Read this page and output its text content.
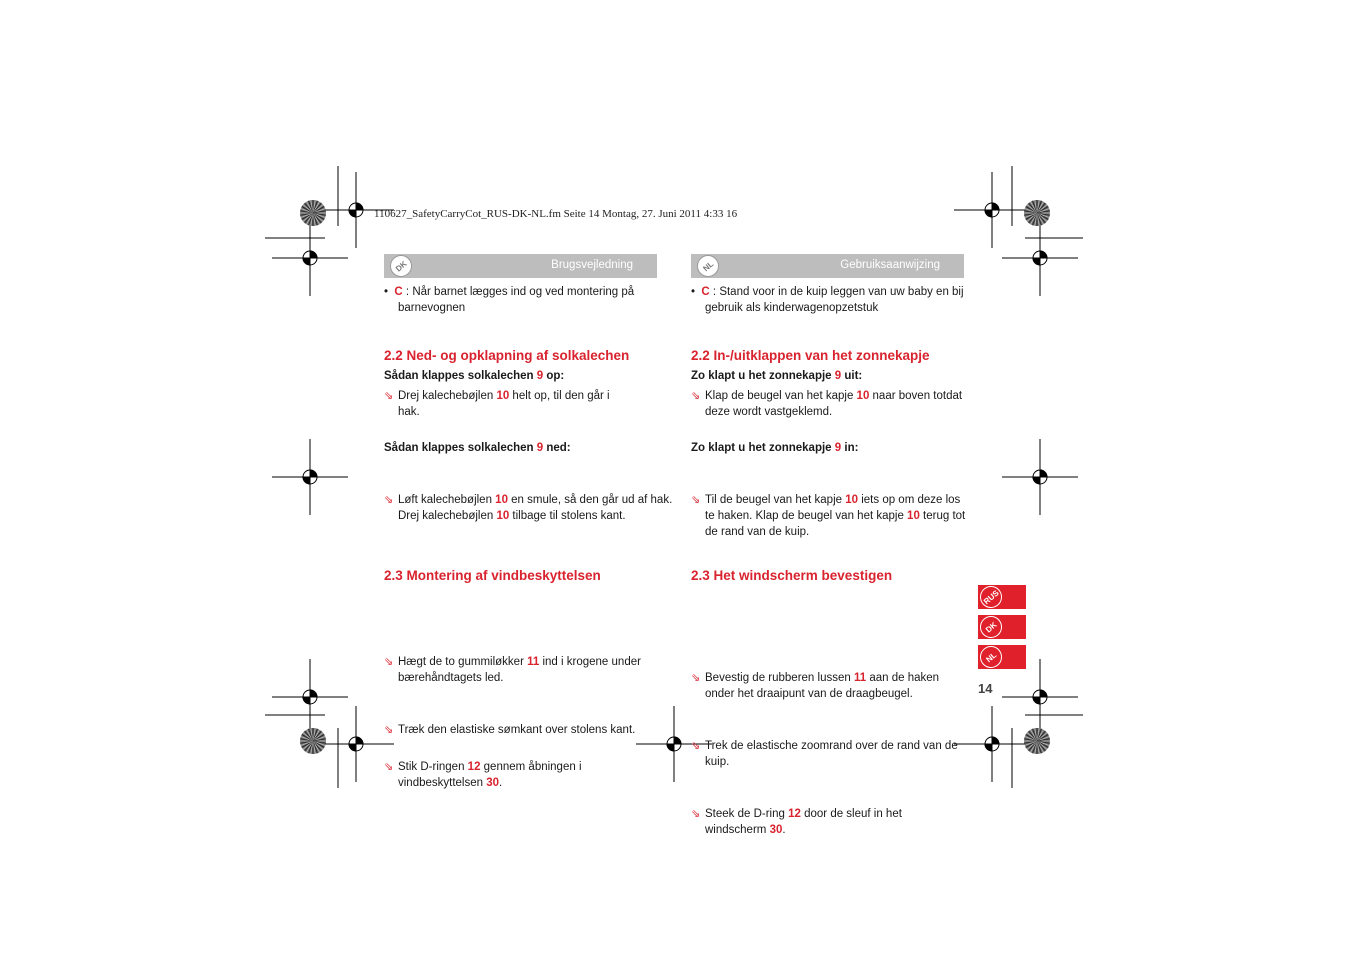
110627_SafetyCarryCot_RUS-DK-NL.fm Seite 14 Montag, 27. Juni 2011 4:33 16
DK	Brugsvejledning	NL	Gebruiksaanwijzing
•  C : Når barnet lægges ind og ved montering på barnevognen
2.2 Ned- og opklapning af solkalechen
Sådan klappes solkalechen 9 op:
⇘ Drej kalechebøjlen 10 helt op, til den går i hak.
Sådan klappes solkalechen 9 ned:
⇘ Løft kalechebøjlen 10 en smule, så den går ud af hak. Drej kalechebøjlen 10 tilbage til stolens kant.
2.3 Montering af vindbeskyttelsen
⇘ Hægt de to gummiløkker 11 ind i krogene under bærehåndtagets led.
⇘ Træk den elastiske sømkant over stolens kant.
⇘ Stik D-ringen 12 gennem åbningen i vindbeskyttelsen 30.
•  C : Stand voor in de kuip leggen van uw baby en bij gebruik als kinderwagenopzetstuk
2.2 In-/uitklappen van het zonnekapje
Zo klapt u het zonnekapje 9 uit:
⇘ Klap de beugel van het kapje 10 naar boven totdat deze wordt vastgeklemd.
Zo klapt u het zonnekapje 9 in:
⇘ Til de beugel van het kapje 10 iets op om deze los te haken. Klap de beugel van het kapje 10 terug tot de rand van de kuip.
2.3 Het windscherm bevestigen
⇘ Bevestig de rubberen lussen 11 aan de haken onder het draaipunt van de draagbeugel.
⇘ Trek de elastische zoomrand over de rand van de kuip.
⇘ Steek de D-ring 12 door de sleuf in het windscherm 30.
RUS
DK
NL
14
